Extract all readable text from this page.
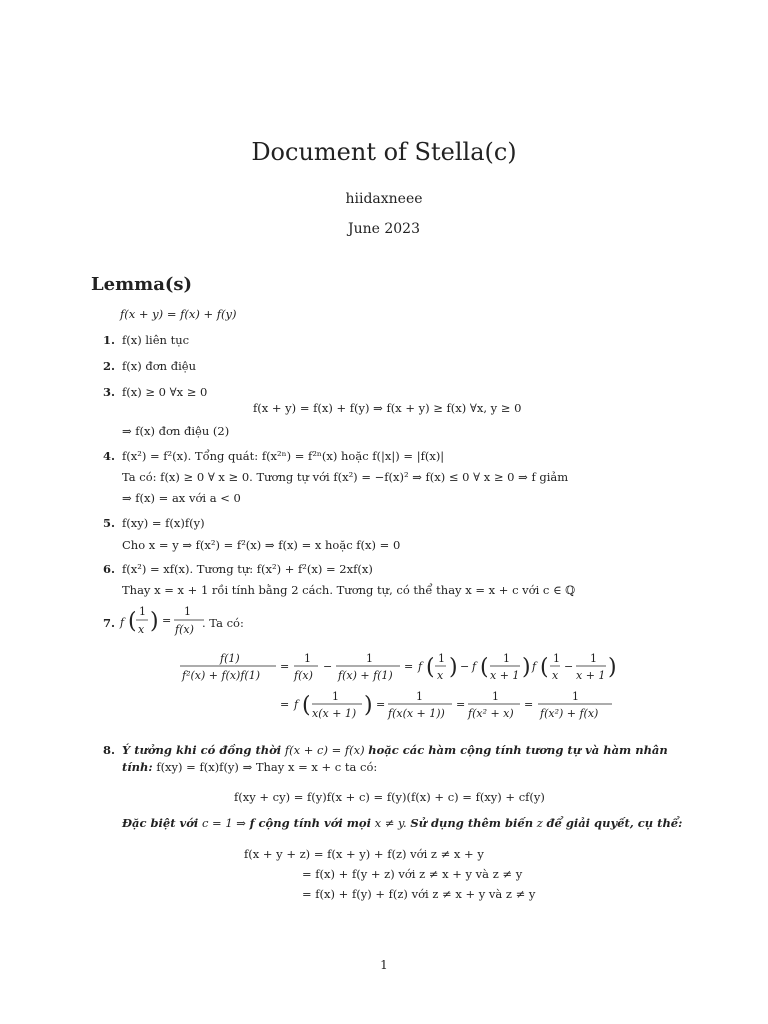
Document of Stella(c)
hiidaxneee
June 2023
Lemma(s)
f(x + y) = f(x) + f(y)
1. f(x) liên tục
2. f(x) đơn điệu
3. f(x) ≥ 0 ∀x ≥ 0
f(x + y) = f(x) + f(y) ⇒ f(x + y) ≥ f(x) ∀x, y ≥ 0
⇒ f(x) đơn điệu (2)
4. f(x²) = f²(x). Tổng quát: f(x²ⁿ) = f²ⁿ(x) hoặc f(|x|) = |f(x)|
Ta có: f(x) ≥ 0 ∀ x ≥ 0. Tương tự với f(x²) = −f(x)² ⇒ f(x) ≤ 0 ∀ x ≥ 0 ⇒ f giảm
⇒ f(x) = ax với a < 0
5. f(xy) = f(x)f(y)
Cho x = y ⇒ f(x²) = f²(x) ⇒ f(x) = x hoặc f(x) = 0
6. f(x²) = xf(x). Tương tự: f(x²) + f²(x) = 2xf(x)
Thay x = x + 1 rồi tính bằng 2 cách. Tương tự, có thể thay x = x + c với c ∈ ℚ
7. f ( 1
x ) =
1
f(x) . Ta có:
f(1)
f²(x) + f(x)f(1)
=
1
f(x)
−
1
f(x) + f(1)
= f ( 1
x ) − f ( 1
x + 1 ) f ( 1
x
−
1
x + 1 )
= f ( 1
x(x + 1) ) =
1
f(x(x + 1))
=
1
f(x² + x)
=
1
f(x²) + f(x)
8. Ý tưởng khi có đồng thời f(x + c) = f(x) hoặc các hàm cộng tính tương tự và hàm nhân
tính: f(xy) = f(x)f(y) ⇒ Thay x = x + c ta có:
f(xy + cy) = f(y)f(x + c) = f(y)(f(x) + c) = f(xy) + cf(y)
Đặc biệt với c = 1 ⇒ f cộng tính với mọi x ≠ y. Sử dụng thêm biến z để giải quyết, cụ thể:
f(x + y + z) = f(x + y) + f(z) với z ≠ x + y
= f(x) + f(y + z) với z ≠ x + y và z ≠ y
= f(x) + f(y) + f(z) với z ≠ x + y và z ≠ y
1
